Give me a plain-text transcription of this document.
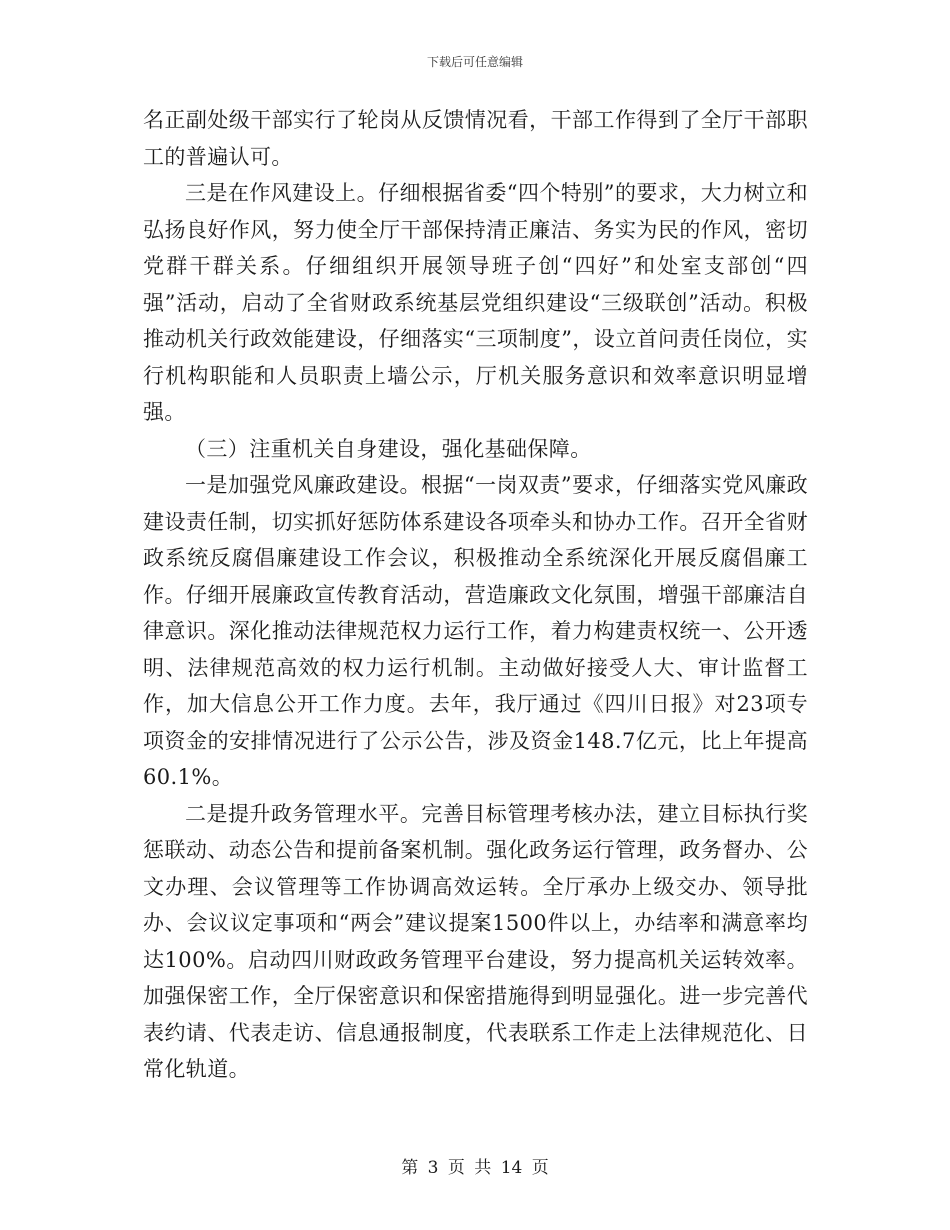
下载后可任意编辑

名正副处级干部实行了轮岗从反馈情况看，干部工作得到了全厅干部职工的普遍认可。

三是在作风建设上。仔细根据省委“四个特别”的要求，大力树立和弘扬良好作风，努力使全厅干部保持清正廉洁、务实为民的作风，密切党群干群关系。仔细组织开展领导班子创“四好”和处室支部创“四强”活动，启动了全省财政系统基层党组织建设“三级联创”活动。积极推动机关行政效能建设，仔细落实“三项制度”，设立首问责任岗位，实行机构职能和人员职责上墙公示，厅机关服务意识和效率意识明显增强。

（三）注重机关自身建设，强化基础保障。

一是加强党风廉政建设。根据“一岗双责”要求，仔细落实党风廉政建设责任制，切实抓好惩防体系建设各项牵头和协办工作。召开全省财政系统反腐倡廉建设工作会议，积极推动全系统深化开展反腐倡廉工作。仔细开展廉政宣传教育活动，营造廉政文化氛围，增强干部廉洁自律意识。深化推动法律规范权力运行工作，着力构建责权统一、公开透明、法律规范高效的权力运行机制。主动做好接受人大、审计监督工作，加大信息公开工作力度。去年，我厅通过《四川日报》对23项专项资金的安排情况进行了公示公告，涉及资金148.7亿元，比上年提高60.1%。

二是提升政务管理水平。完善目标管理考核办法，建立目标执行奖惩联动、动态公告和提前备案机制。强化政务运行管理，政务督办、公文办理、会议管理等工作协调高效运转。全厅承办上级交办、领导批办、会议议定事项和“两会”建议提案1500件以上，办结率和满意率均达100%。启动四川财政政务管理平台建设，努力提高机关运转效率。加强保密工作，全厅保密意识和保密措施得到明显强化。进一步完善代表约请、代表走访、信息通报制度，代表联系工作走上法律规范化、日常化轨道。

第 3 页 共 14 页
